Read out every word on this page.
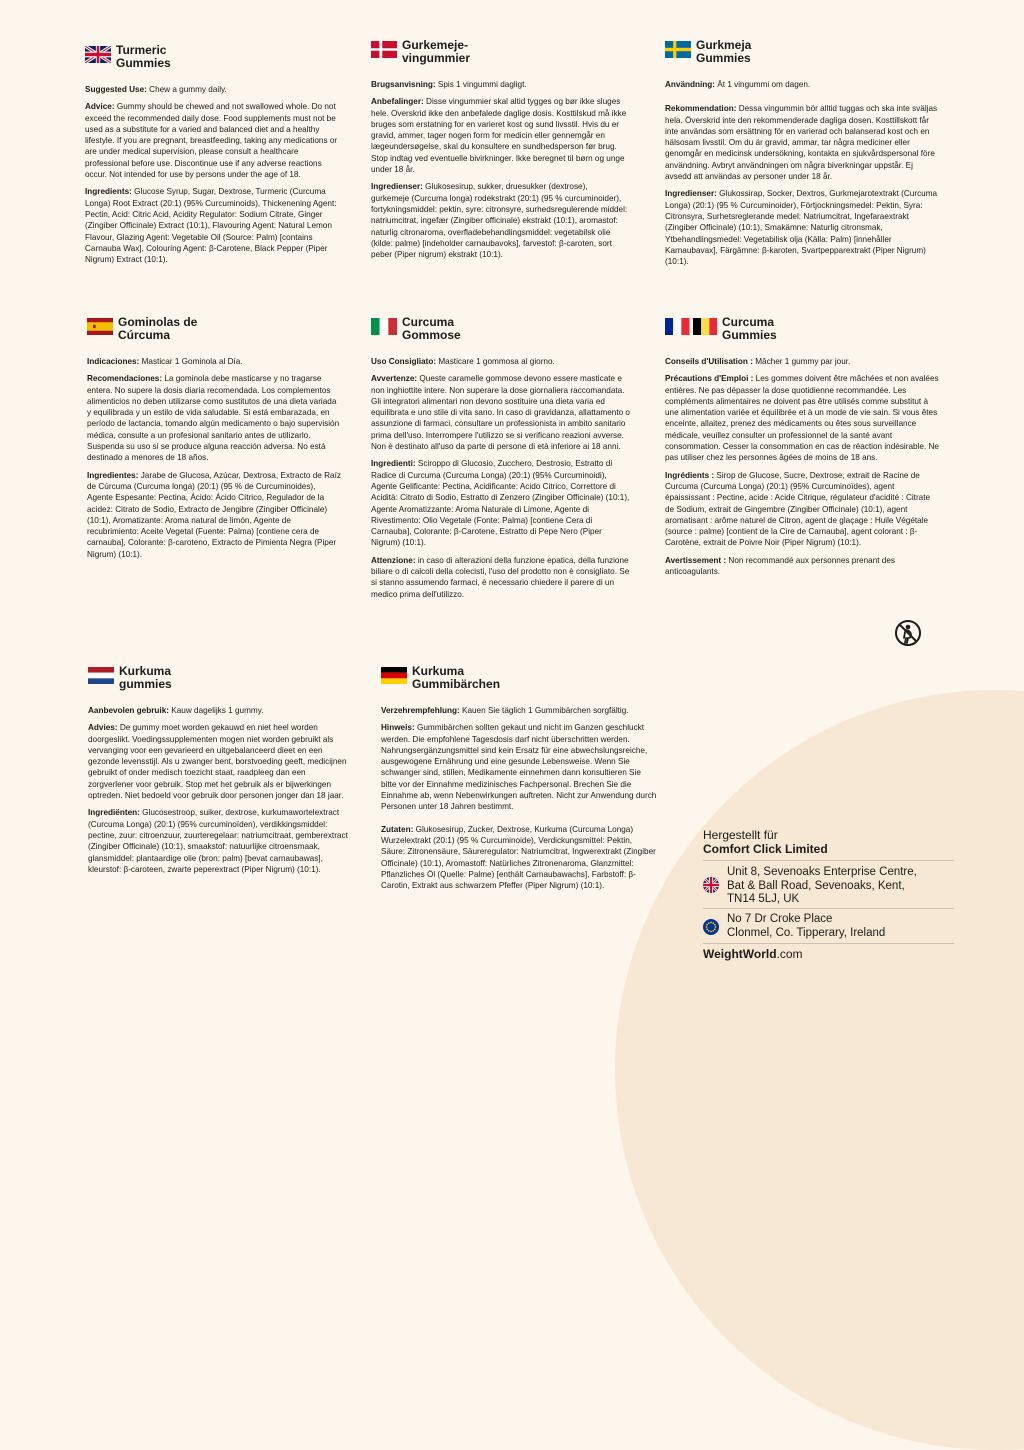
Turmeric
Gummies

Suggested Use: Chew a gummy daily.

Advice: Gummy should be chewed and not swallowed whole. Do not exceed the recommended daily dose. Food supplements must not be used as a substitute for a varied and balanced diet and a healthy lifestyle. If you are pregnant, breastfeeding, taking any medications or are under medical supervision, please consult a healthcare professional before use. Discontinue use if any adverse reactions occur. Not intended for use by persons under the age of 18.

Ingredients: Glucose Syrup, Sugar, Dextrose, Turmeric (Curcuma Longa) Root Extract (20:1) (95% Curcuminoids), Thickenening Agent: Pectin, Acid: Citric Acid, Acidity Regulator: Sodium Citrate, Ginger (Zingiber Officinale) Extract (10:1), Flavouring Agent: Natural Lemon Flavour, Glazing Agent: Vegetable Oil (Source: Palm) [contains Carnauba Wax], Colouring Agent: β-Carotene, Black Pepper (Piper Nigrum) Extract (10:1).

Gurkemeje-
vingummier

Brugsanvisning: Spis 1 vingummi dagligt.

Anbefalinger: Disse vingummier skal altid tygges og bør ikke sluges hele. Overskrid ikke den anbefalede daglige dosis. Kosttilskud må ikke bruges som erstatning for en varieret kost og sund livsstil. Hvis du er gravid, ammer, tager nogen form for medicin eller gennemgår en lægeundersøgelse, skal du konsultere en sundhedsperson før brug. Stop indtag ved eventuelle bivirkninger. Ikke beregnet til børn og unge under 18 år.

Ingredienser: Glukosesirup, sukker, druesukker (dextrose), gurkemeje (Curcuma longa) rodekstrakt (20:1) (95 % curcuminoider), fortykningsmiddel: pektin, syre: citronsyre, surhedsregulerende middel: natriumcitrat, ingefær (Zingiber officinale) ekstrakt (10:1), aromastof: naturlig citronaroma, overfladebehandlingsmiddel: vegetabilsk olie (kilde: palme) [indeholder carnaubavoks], farvestof: β-caroten, sort peber (Piper nigrum) ekstrakt (10:1).

Gurkmeja
Gummies

Användning: Ät 1 vingummi om dagen.

Rekommendation: Dessa vingummin bör alltid tuggas och ska inte sväljas hela. Överskrid inte den rekommenderade dagliga dosen. Kosttillskott får inte användas som ersättning för en varierad och balanserad kost och en hälsosam livsstil. Om du är gravid, ammar, tar några mediciner eller genomgår en medicinsk undersökning, kontakta en sjukvårdspersonal före användning. Avbryt användningen om några biverkningar uppstår. Ej avsedd att användas av personer under 18 år.

Ingredienser: Glukossirap, Socker, Dextros, Gurkmejarotextrakt (Curcuma Longa) (20:1) (95 % Curcuminoider), Förtjockningsmedel: Pektin, Syra: Citronsyra, Surhetsreglerande medel: Natriumcitrat, Ingefaraextrakt (Zingiber Officinale) (10:1), Smakämne: Naturlig citronsmak, Ytbehandlingsmedel: Vegetabilisk olja (Källa: Palm) [innehåller Karnaubavax], Färgämne: β-karoten, Svartpepparextrakt (Piper Nigrum) (10:1).

Gominolas de
Cúrcuma

Indicaciones: Masticar 1 Gominola al Día.

Recomendaciones: La gominola debe masticarse y no tragarse entera. No supere la dosis diaria recomendada. Los complementos alimenticios no deben utilizarse como sustitutos de una dieta variada y equilibrada y un estilo de vida saludable. Si está embarazada, en período de lactancia, tomando algún medicamento o bajo supervisión médica, consulte a un profesional sanitario antes de utilizarlo. Suspenda su uso si se produce alguna reacción adversa. No está destinado a menores de 18 años.

Ingredientes: Jarabe de Glucosa, Azúcar, Dextrosa, Extracto de Raíz de Cúrcuma (Curcuma longa) (20:1) (95 % de Curcuminoides), Agente Espesante: Pectina, Ácido: Ácido Cítrico, Regulador de la acidez: Citrato de Sodio, Extracto de Jengibre (Zingiber Officinale) (10:1), Aromatizante: Aroma natural de limón, Agente de recubrimiento: Aceite Vegetal (Fuente: Palma) [contiene cera de carnauba], Colorante: β-caroteno, Extracto de Pimienta Negra (Piper Nigrum) (10:1).

Curcuma
Gommose

Uso Consigliato: Masticare 1 gommosa al giorno.

Avvertenze: Queste caramelle gommose devono essere masticate e non inghiottite intere. Non superare la dose giornaliera raccomandata. Gli integratori alimentari non devono sostituire una dieta varia ed equilibrata e uno stile di vita sano. In caso di gravidanza, allattamento o assunzione di farmaci, consultare un professionista in ambito sanitario prima dell'uso. Interrompere l'utilizzo se si verificano reazioni avverse. Non è destinato all'uso da parte di persone di età inferiore ai 18 anni.

Ingredienti: Sciroppo di Glucosio, Zucchero, Destrosio, Estratto di Radice di Curcuma (Curcuma Longa) (20:1) (95% Curcuminoidi), Agente Gelificante: Pectina, Acidificante: Acido Citrico, Correttore di Acidità: Citrato di Sodio, Estratto di Zenzero (Zingiber Officinale) (10:1), Agente Aromatizzante: Aroma Naturale di Limone, Agente di Rivestimento: Olio Vegetale (Fonte: Palma) [contiene Cera di Carnauba], Colorante: β-Carotene, Estratto di Pepe Nero (Piper Nigrum) (10:1).

Attenzione: in caso di alterazioni della funzione epatica, della funzione biliare o di calcoli della colecisti, l'uso del prodotto non è consigliato. Se si stanno assumendo farmaci, è necessario chiedere il parere di un medico prima dell'utilizzo.

Curcuma
Gummies

Conseils d'Utilisation : Mâcher 1 gummy par jour.

Précautions d'Emploi : Les gommes doivent être mâchées et non avalées entières. Ne pas dépasser la dose quotidienne recommandée. Les compléments alimentaires ne doivent pas être utilisés comme substitut à une alimentation variée et équilibrée et à un mode de vie sain. Si vous êtes enceinte, allaitez, prenez des médicaments ou êtes sous surveillance médicale, veuillez consulter un professionnel de la santé avant consommation. Cesser la consommation en cas de réaction indésirable. Ne pas utiliser chez les personnes âgées de moins de 18 ans.

Ingrédients : Sirop de Glucose, Sucre, Dextrose, extrait de Racine de Curcuma (Curcuma Longa) (20:1) (95% Curcuminoïdes), agent épaississant : Pectine, acide : Acide Citrique, régulateur d'acidité : Citrate de Sodium, extrait de Gingembre (Zingiber Officinale) (10:1), agent aromatisant : arôme naturel de Citron, agent de glaçage : Huile Végétale (source : palme) [contient de la Cire de Carnauba], agent colorant : β-Carotène, extrait de Poivre Noir (Piper Nigrum) (10:1).

Avertissement : Non recommandé aux personnes prenant des anticoagulants.

Kurkuma
gummies

Aanbevolen gebruik: Kauw dagelijks 1 gummy.

Advies: De gummy moet worden gekauwd en niet heel worden doorgeslikt. Voedingssupplementen mogen niet worden gebruikt als vervanging voor een gevarieerd en uitgebalanceerd dieet en een gezonde levensstijl. Als u zwanger bent, borstvoeding geeft, medicijnen gebruikt of onder medisch toezicht staat, raadpleeg dan een zorgverlener voor gebruik. Stop met het gebruik als er bijwerkingen optreden. Niet bedoeld voor gebruik door personen jonger dan 18 jaar.

Ingrediënten: Glucosestroop, suiker, dextrose, kurkumawortelextract (Curcuma Longa) (20:1) (95% curcuminoïden), verdikkingsmiddel: pectine, zuur: citroenzuur, zuurteregelaar: natriumcitraat, gemberextract (Zingiber Officinale) (10:1), smaakstof: natuurlijke citroensmaak, glansmiddel: plantaardige olie (bron: palm) [bevat carnaubawas], kleurstof: β-caroteen, zwarte peperextract (Piper Nigrum) (10:1).

Kurkuma
Gummibärchen

Verzehrempfehlung: Kauen Sie täglich 1 Gummibärchen sorgfältig.

Hinweis: Gummibärchen sollten gekaut und nicht im Ganzen geschluckt werden. Die empfohlene Tagesdosis darf nicht überschritten werden. Nahrungsergänzungsmittel sind kein Ersatz für eine abwechslungsreiche, ausgewogene Ernährung und eine gesunde Lebensweise. Wenn Sie schwanger sind, stillen, Medikamente einnehmen dann konsultieren Sie bitte vor der Einnahme medizinisches Fachpersonal. Brechen Sie die Einnahme ab, wenn Nebenwirkungen auftreten. Nicht zur Anwendung durch Personen unter 18 Jahren bestimmt.

Zutaten: Glukosesirup, Zucker, Dextrose, Kurkuma (Curcuma Longa) Wurzelextrakt (20:1) (95 % Curcuminoide), Verdickungsmittel: Pektin, Säure: Zitronensäure, Säureregulator: Natriumcitrat, Ingwerextrakt (Zingiber Officinale) (10:1), Aromastoff: Natürliches Zitronenaroma, Glanzmittel: Pflanzliches Öl (Quelle: Palme) [enthält Carnaubawachs], Farbstoff: β-Carotin, Extrakt aus schwarzem Pfeffer (Piper Nigrum) (10:1).

Hergestellt für
Comfort Click Limited
Unit 8, Sevenoaks Enterprise Centre,
Bat & Ball Road, Sevenoaks, Kent,
TN14 5LJ, UK
No 7 Dr Croke Place
Clonmel, Co. Tipperary, Ireland
WeightWorld.com
